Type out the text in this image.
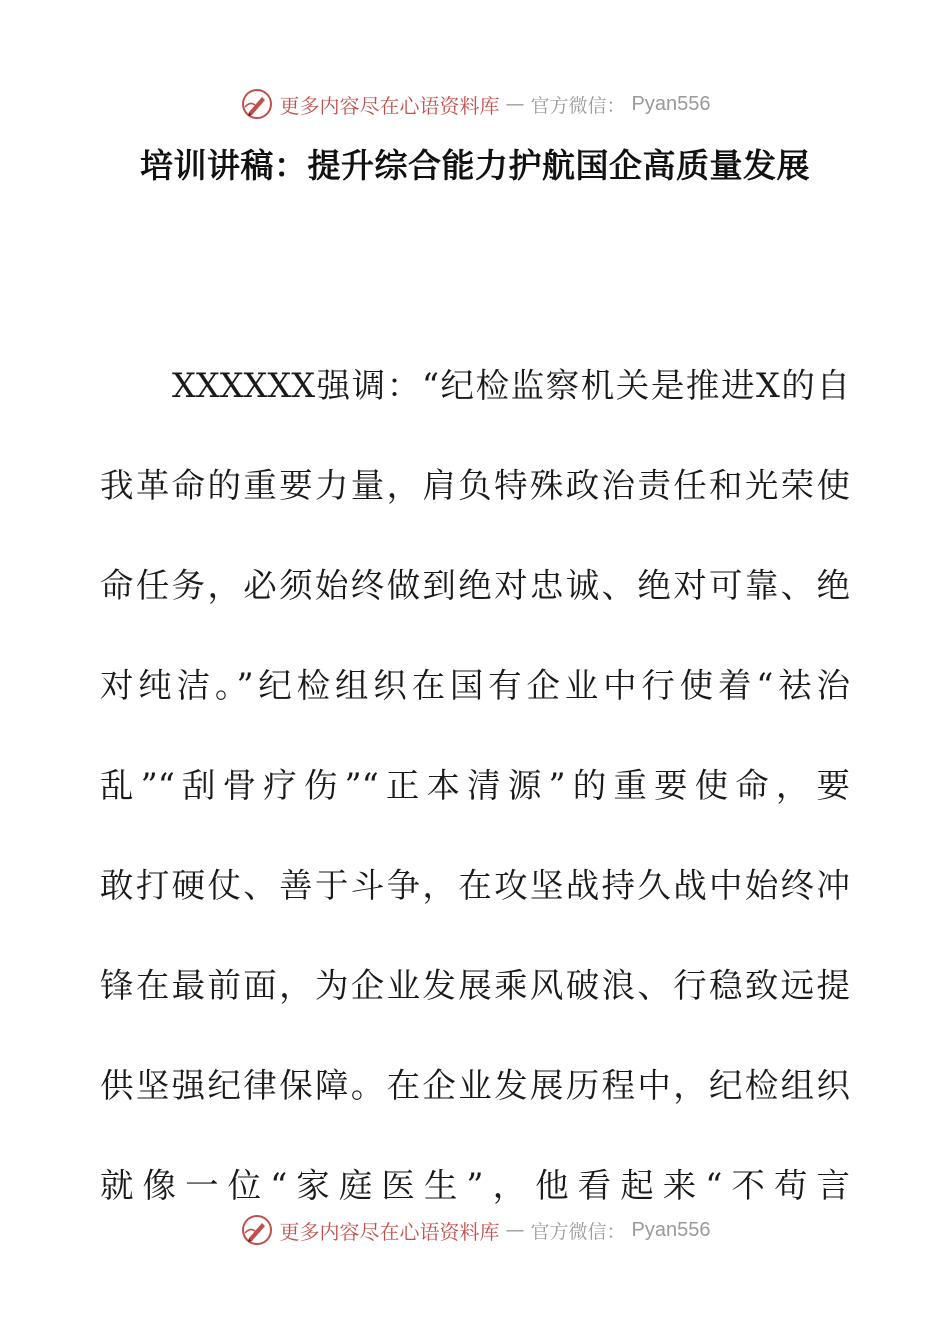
更多内容尽在心语资料库 — 官方微信： Pyan556
培训讲稿：提升综合能力护航国企高质量发展
XXXXXX强调：“纪检监察机关是推进X的自
我革命的重要力量，肩负特殊政治责任和光荣使
命任务，必须始终做到绝对忠诚、绝对可靠、绝
对纯洁。”纪检组织在国有企业中行使着“祛治
乱”“刮骨疗伤”“正本清源”的重要使命，要
敢打硬仗、善于斗争，在攻坚战持久战中始终冲
锋在最前面，为企业发展乘风破浪、行稳致远提
供坚强纪律保障。在企业发展历程中，纪检组织
就像一位“家庭医生”，他看起来“不苟言
更多内容尽在心语资料库 — 官方微信： Pyan556
